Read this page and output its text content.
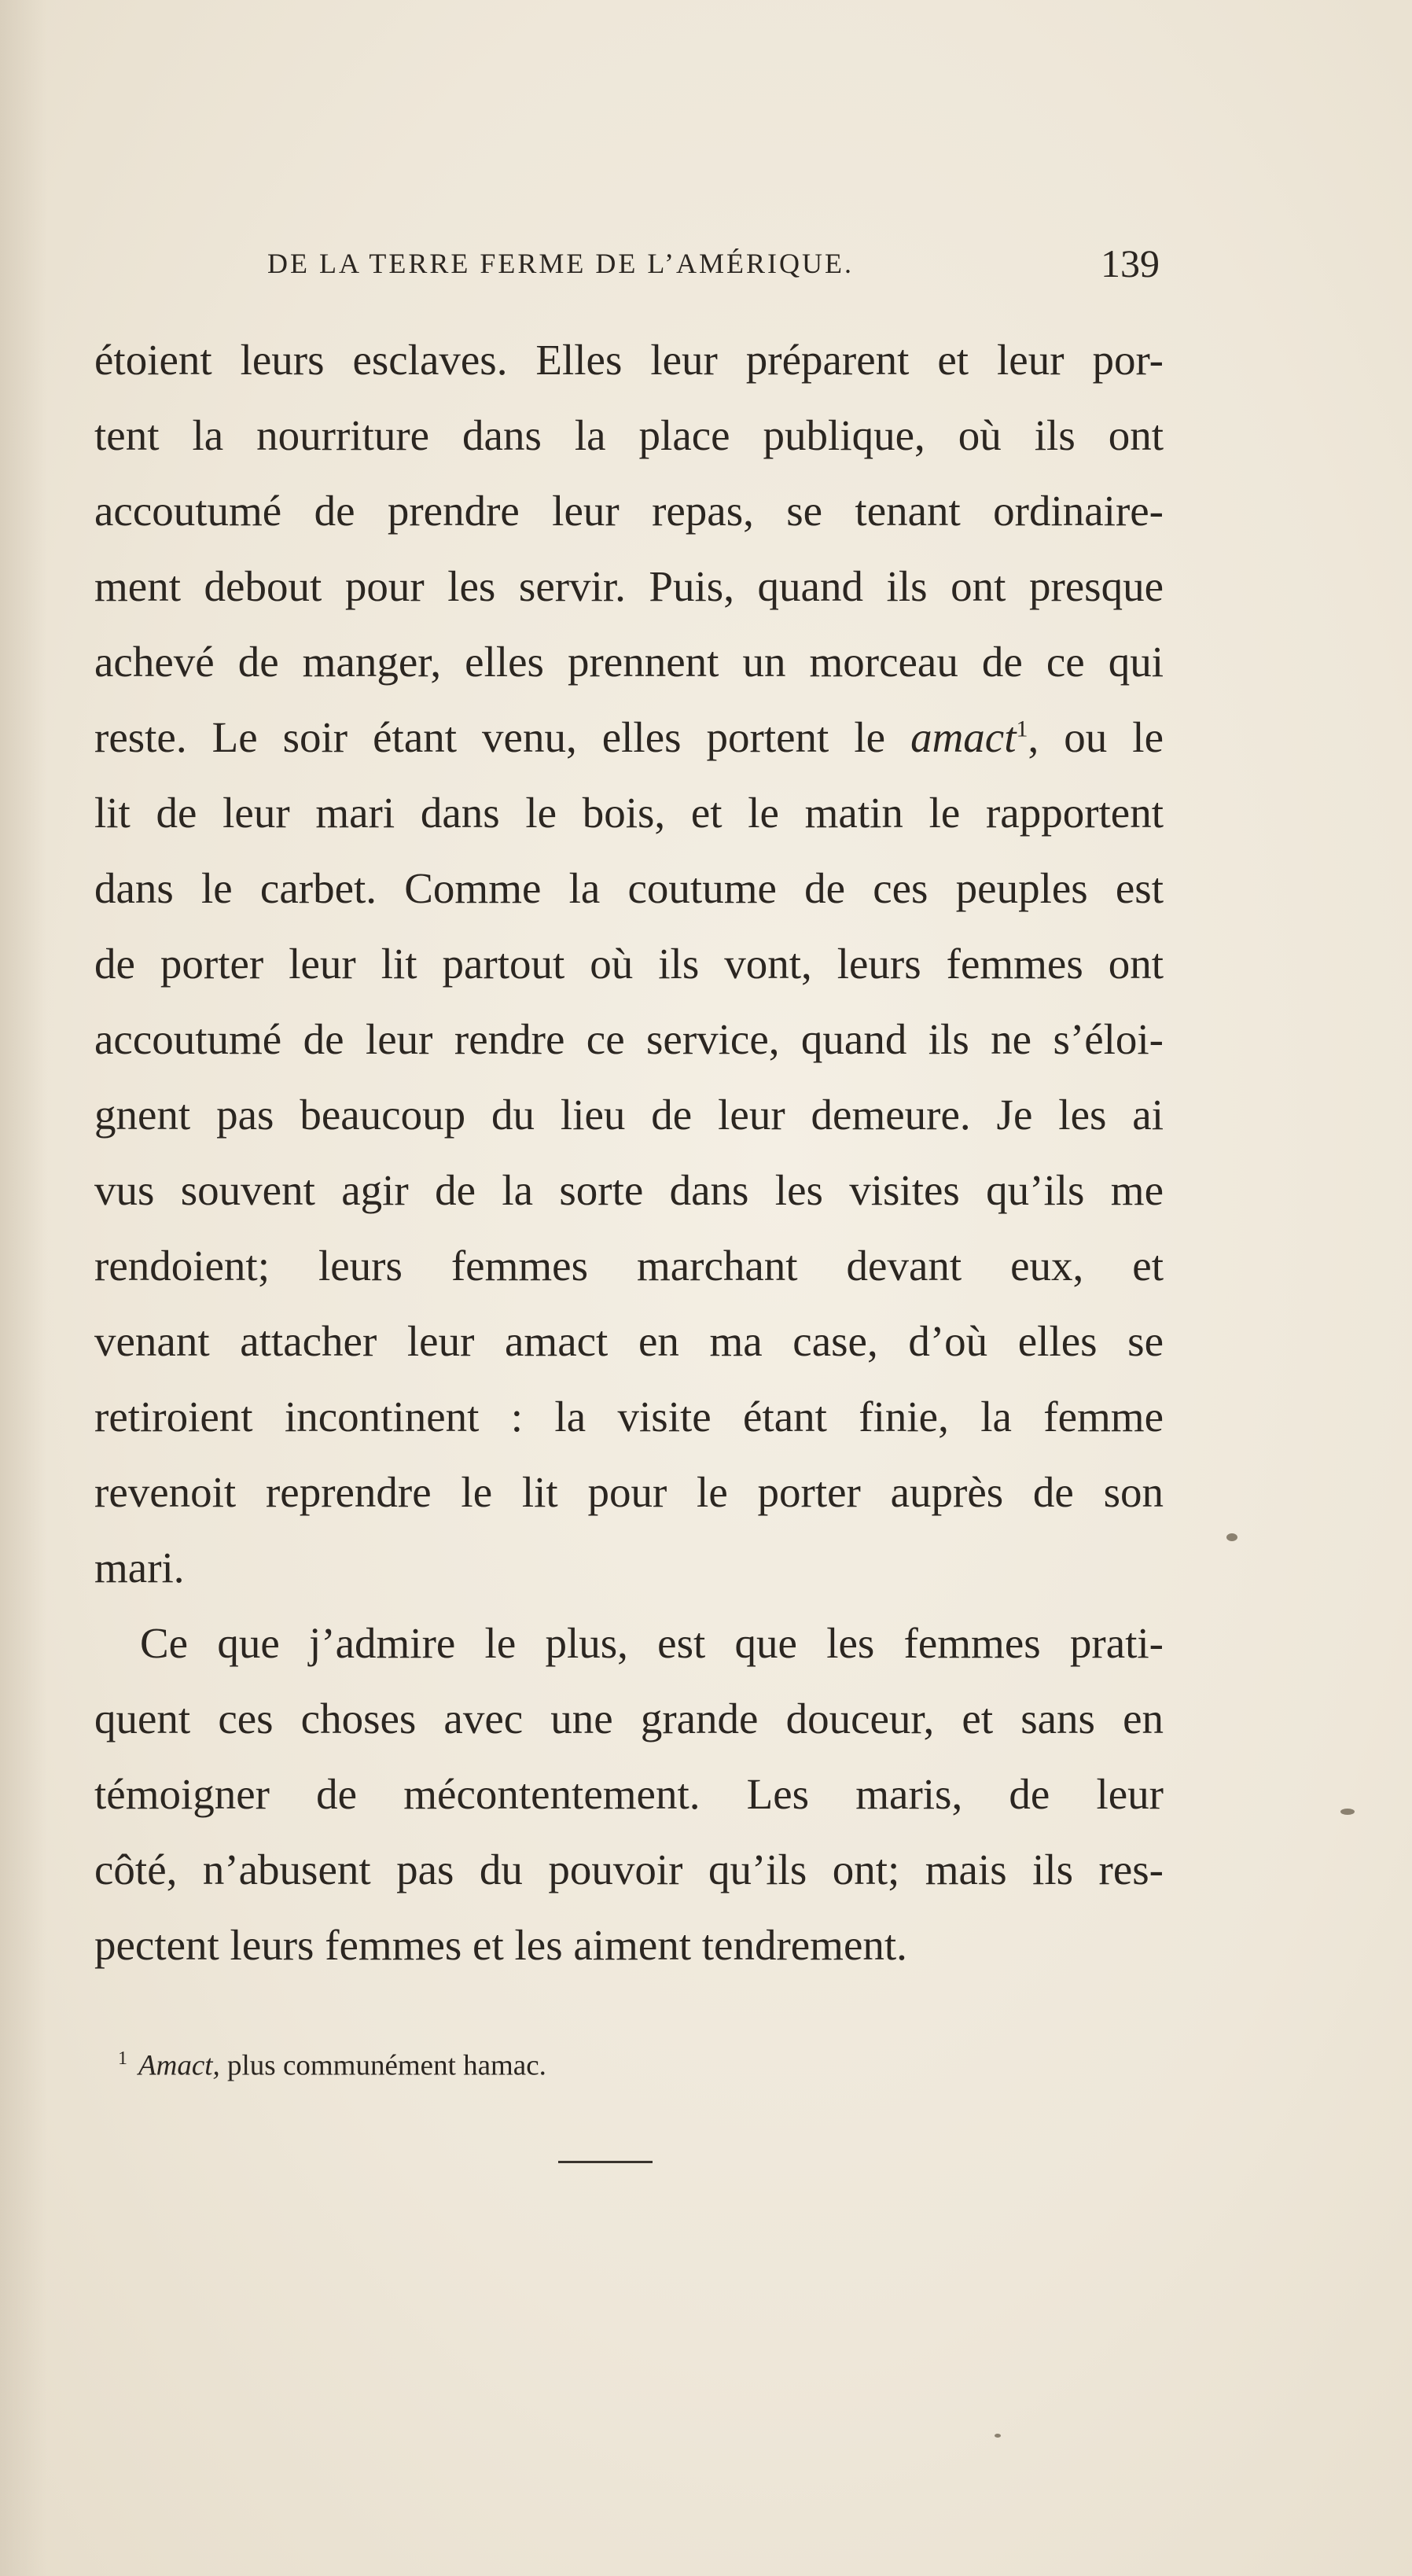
DE LA TERRE FERME DE L’AMÉRIQUE.	139
étoient leurs esclaves. Elles leur préparent et leur por-
tent la nourriture dans la place publique, où ils ont
accoutumé de prendre leur repas, se tenant ordinaire-
ment debout pour les servir. Puis, quand ils ont presque
achevé de manger, elles prennent un morceau de ce qui
reste. Le soir étant venu, elles portent le amact$^1$, ou le
lit de leur mari dans le bois, et le matin le rapportent
dans le carbet. Comme la coutume de ces peuples est
de porter leur lit partout où ils vont, leurs femmes ont
accoutumé de leur rendre ce service, quand ils ne s’éloi-
gnent pas beaucoup du lieu de leur demeure. Je les ai
vus souvent agir de la sorte dans les visites qu’ils me
rendoient; leurs femmes marchant devant eux, et
venant attacher leur amact en ma case, d’où elles se
retiroient incontinent : la visite étant finie, la femme
revenoit reprendre le lit pour le porter auprès de son
mari.
Ce que j’admire le plus, est que les femmes prati-
quent ces choses avec une grande douceur, et sans en
témoigner de mécontentement. Les maris, de leur
côté, n’abusent pas du pouvoir qu’ils ont; mais ils res-
pectent leurs femmes et les aiment tendrement.
$^1$ Amact, plus communément hamac.
